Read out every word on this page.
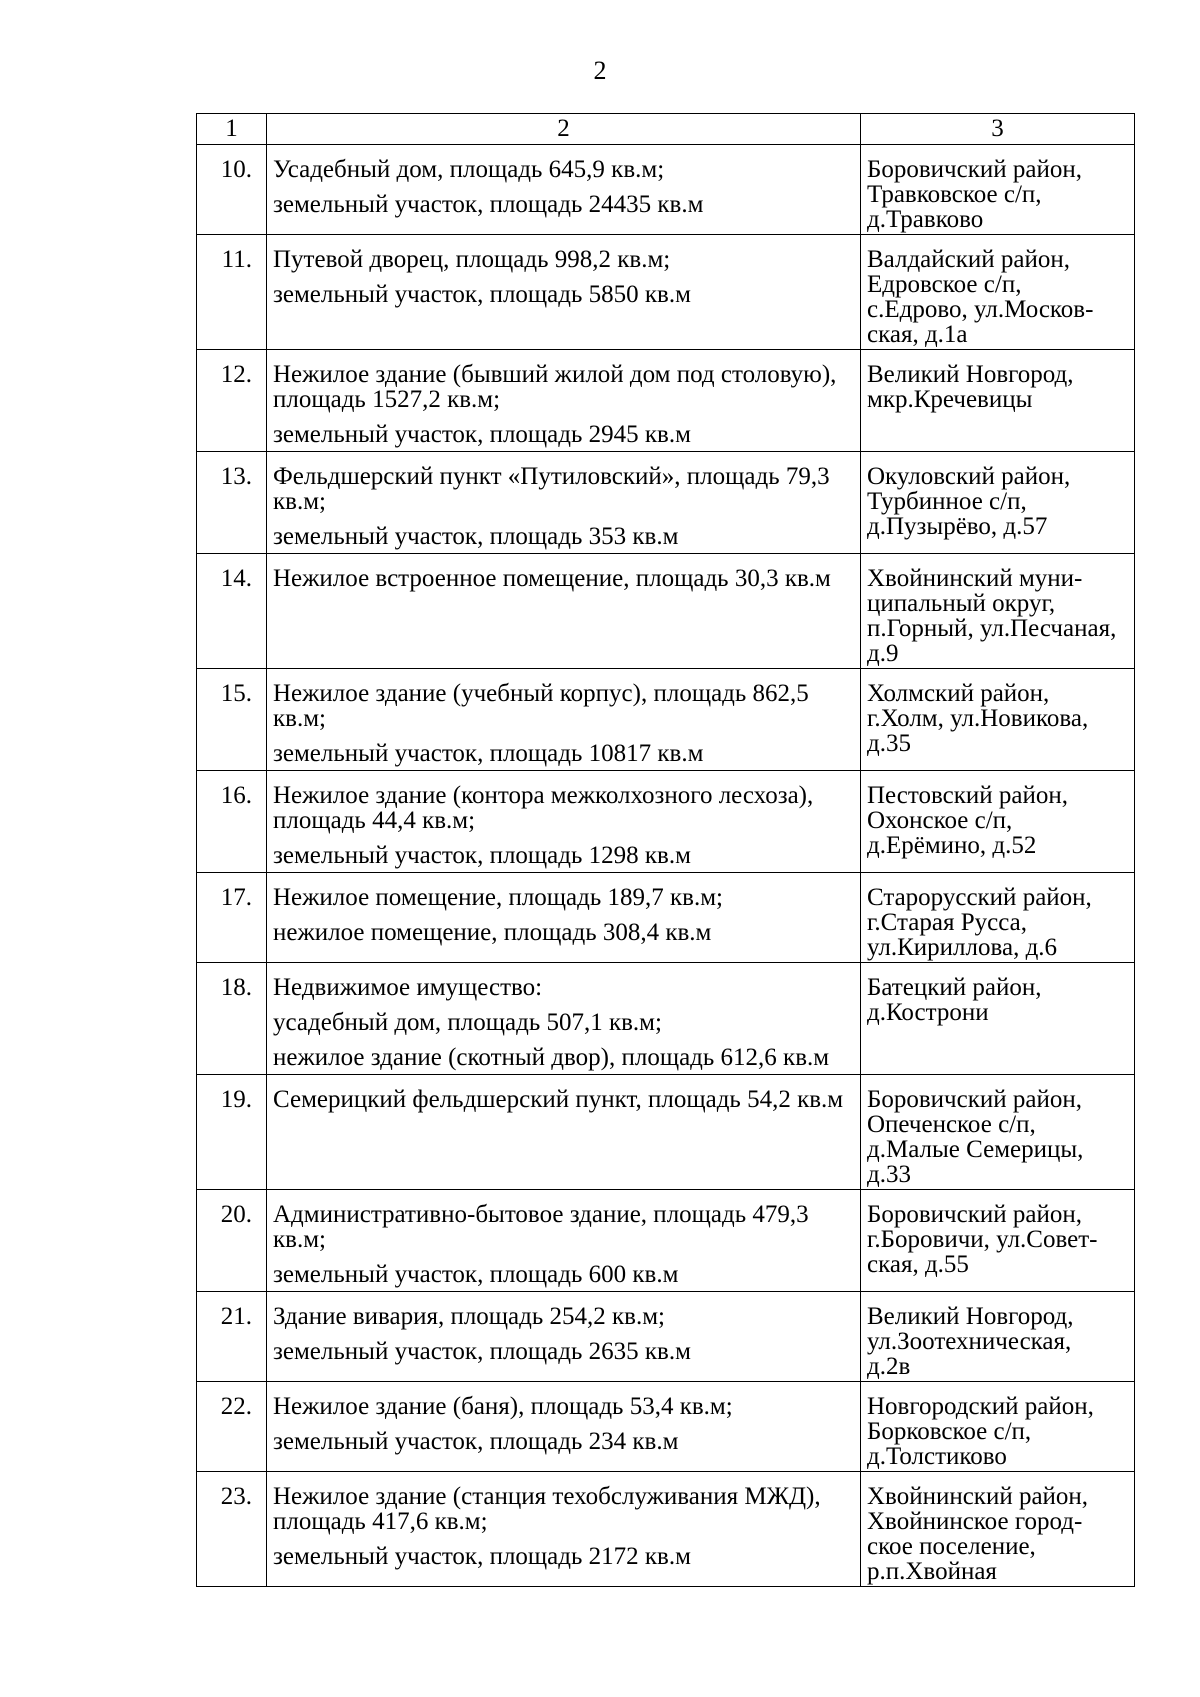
2
1	2	3
10.	Усадебный дом, площадь 645,9 кв.м;
земельный участок, площадь 24435 кв.м	Боровичский район,
Травковское с/п,
д.Травково

11.	Путевой дворец, площадь 998,2 кв.м;
земельный участок, площадь 5850 кв.м	Валдайский район,
Едровское с/п,
с.Едрово, ул.Москов-
ская, д.1а

12.	Нежилое здание (бывший жилой дом под столовую), площадь 1527,2 кв.м;
земельный участок, площадь 2945 кв.м	Великий Новгород,
мкр.Кречевицы

13.	Фельдшерский пункт «Путиловский», площадь 79,3 кв.м;
земельный участок, площадь 353 кв.м	Окуловский район,
Турбинное с/п,
д.Пузырёво, д.57

14.	Нежилое встроенное помещение, площадь 30,3 кв.м	Хвойнинский муни-
ципальный округ,
п.Горный, ул.Песчаная,
д.9

15.	Нежилое здание (учебный корпус), площадь 862,5 кв.м;
земельный участок, площадь 10817 кв.м	Холмский район,
г.Холм, ул.Новикова,
д.35

16.	Нежилое здание (контора межколхозного лесхоза), площадь 44,4 кв.м;
земельный участок, площадь 1298 кв.м	Пестовский район,
Охонское с/п,
д.Ерёмино, д.52

17.	Нежилое помещение, площадь 189,7 кв.м;
нежилое помещение, площадь 308,4 кв.м	Старорусский район,
г.Старая Русса,
ул.Кириллова, д.6

18.	Недвижимое имущество:
усадебный дом, площадь 507,1 кв.м;
нежилое здание (скотный двор), площадь 612,6 кв.м	Батецкий район,
д.Кострони

19.	Семерицкий фельдшерский пункт, площадь 54,2 кв.м	Боровичский район,
Опеченское с/п,
д.Малые Семерицы,
д.33

20.	Административно-бытовое здание, площадь 479,3 кв.м;
земельный участок, площадь 600 кв.м	Боровичский район,
г.Боровичи, ул.Совет-
ская, д.55

21.	Здание вивария, площадь 254,2 кв.м;
земельный участок, площадь 2635 кв.м	Великий Новгород,
ул.Зоотехническая,
д.2в

22.	Нежилое здание (баня), площадь 53,4 кв.м;
земельный участок, площадь 234 кв.м	Новгородский район,
Борковское с/п,
д.Толстиково

23.	Нежилое здание (станция техобслуживания МЖД), площадь 417,6 кв.м;
земельный участок, площадь 2172 кв.м	Хвойнинский район,
Хвойнинское город-
ское поселение,
р.п.Хвойная
